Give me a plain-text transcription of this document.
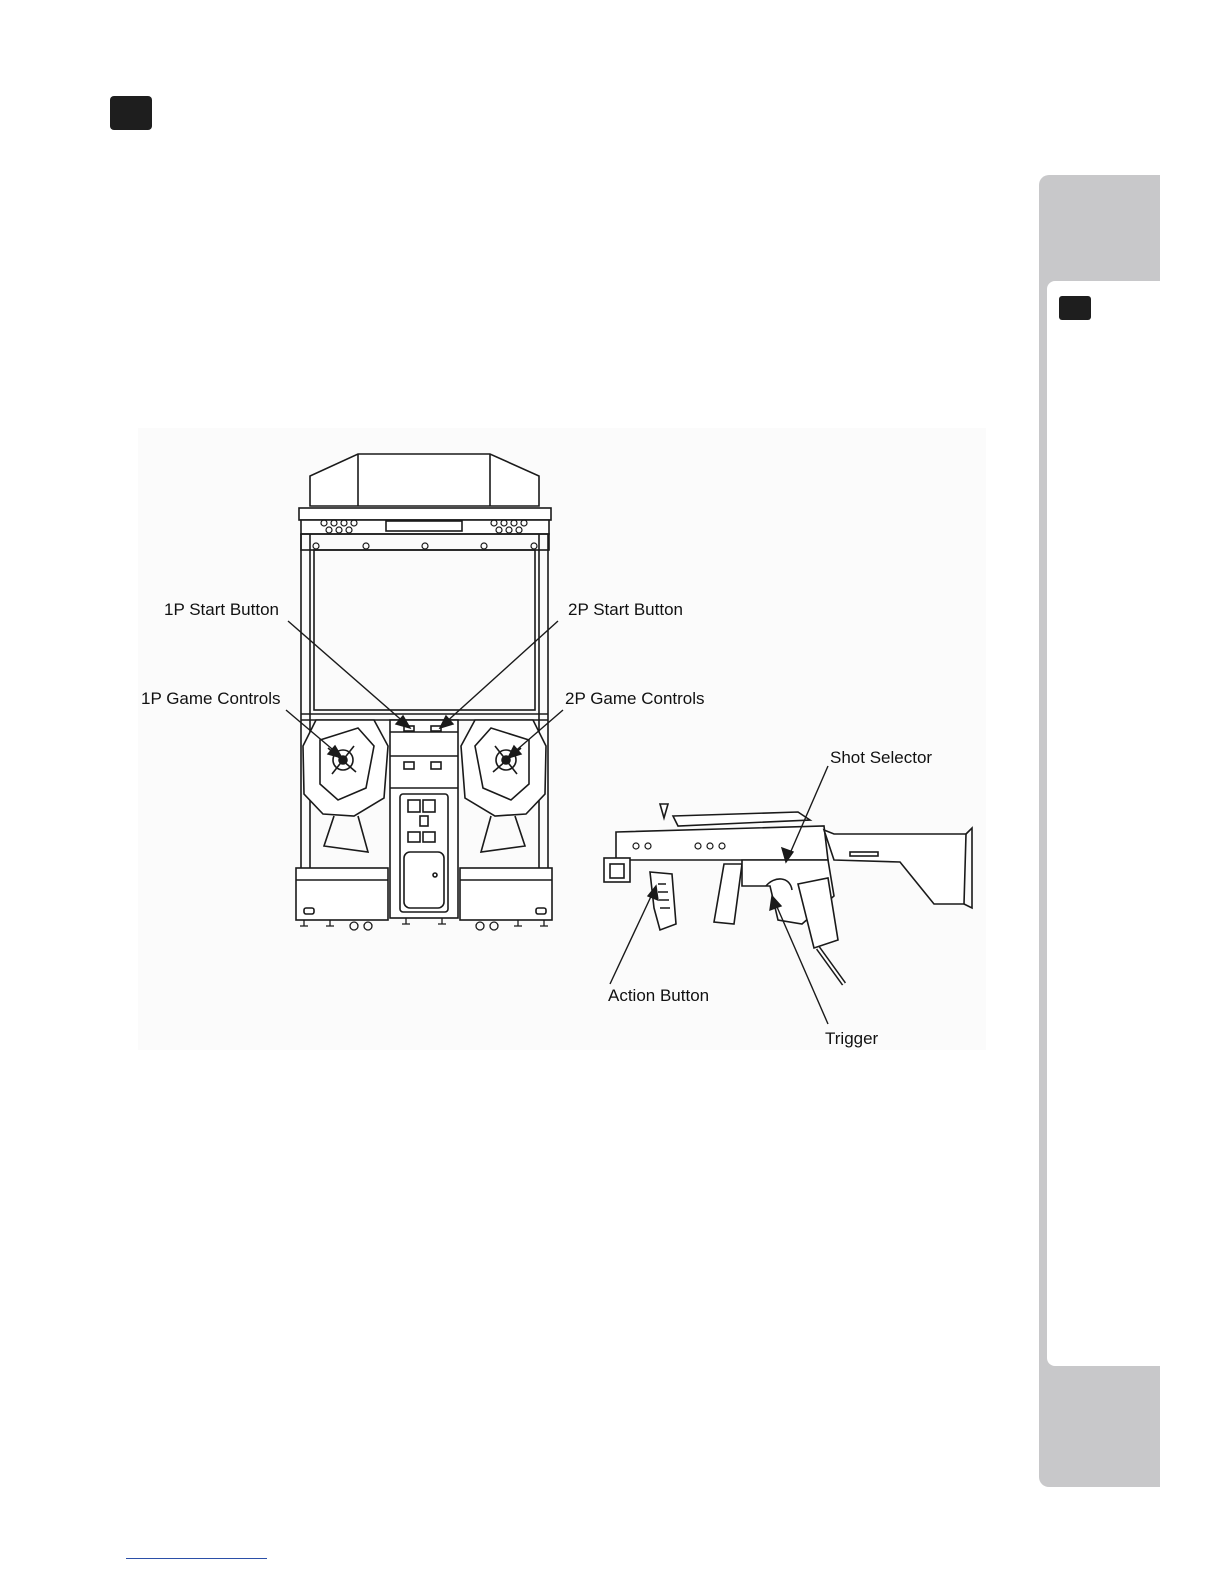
1P Start Button	2P Start Button
1P Game Controls	2P Game Controls
Shot Selector
Action Button
Trigger
